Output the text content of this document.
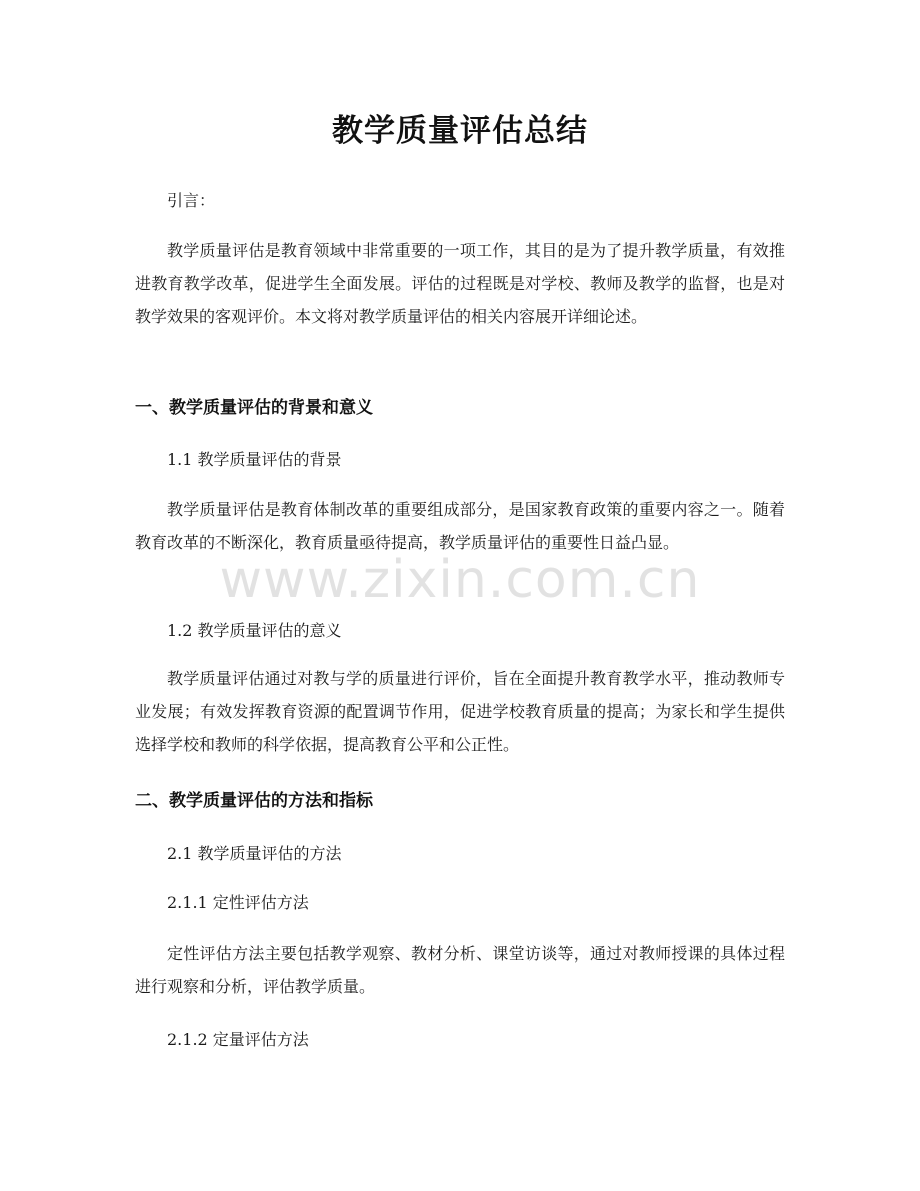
教学质量评估总结

引言：

教学质量评估是教育领域中非常重要的一项工作，其目的是为了提升教学质量，有效推进教育教学改革，促进学生全面发展。评估的过程既是对学校、教师及教学的监督，也是对教学效果的客观评价。本文将对教学质量评估的相关内容展开详细论述。

一、教学质量评估的背景和意义

1.1 教学质量评估的背景

教学质量评估是教育体制改革的重要组成部分，是国家教育政策的重要内容之一。随着教育改革的不断深化，教育质量亟待提高，教学质量评估的重要性日益凸显。

1.2 教学质量评估的意义

教学质量评估通过对教与学的质量进行评价，旨在全面提升教育教学水平，推动教师专业发展；有效发挥教育资源的配置调节作用，促进学校教育质量的提高；为家长和学生提供选择学校和教师的科学依据，提高教育公平和公正性。

二、教学质量评估的方法和指标

2.1 教学质量评估的方法

2.1.1 定性评估方法

定性评估方法主要包括教学观察、教材分析、课堂访谈等，通过对教师授课的具体过程进行观察和分析，评估教学质量。

2.1.2 定量评估方法

www.zixin.com.cn
